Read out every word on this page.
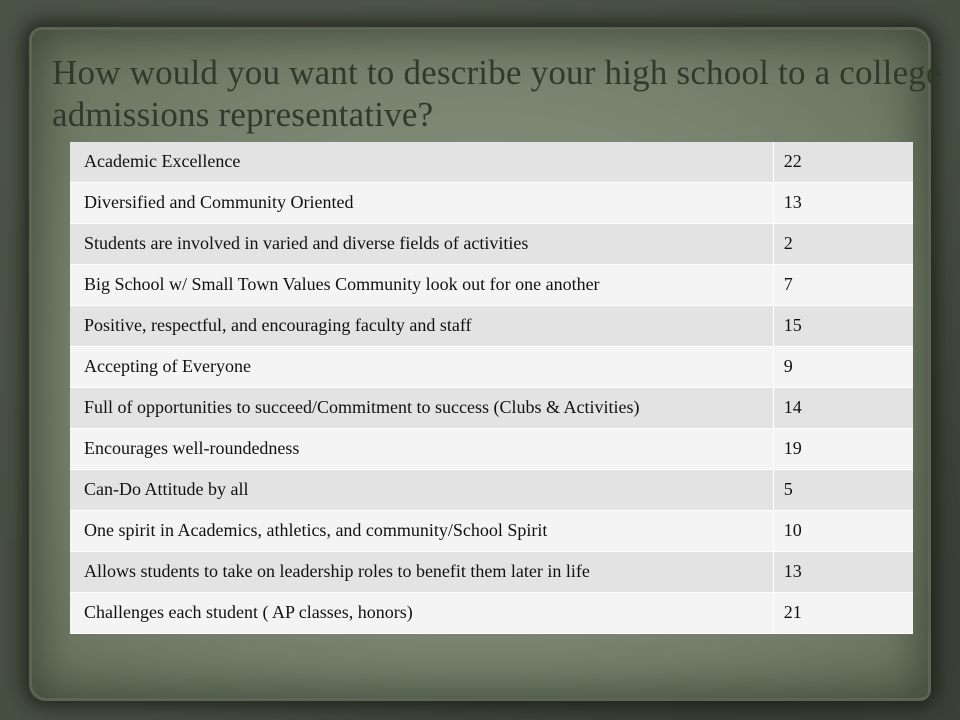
How would you want to describe your high school to a college admissions representative?
Academic Excellence	22
Diversified and Community Oriented	13
Students are involved in varied and diverse fields of activities	2
Big School w/ Small Town Values Community look out for one another	7
Positive, respectful, and encouraging faculty and staff	15
Accepting of Everyone	9
Full of opportunities to succeed/Commitment to success (Clubs & Activities)	14
Encourages well-roundedness	19
Can-Do Attitude by all	5
One spirit in Academics, athletics, and community/School Spirit	10
Allows students to take on leadership roles to benefit them later in life	13
Challenges each student ( AP classes, honors)	21
